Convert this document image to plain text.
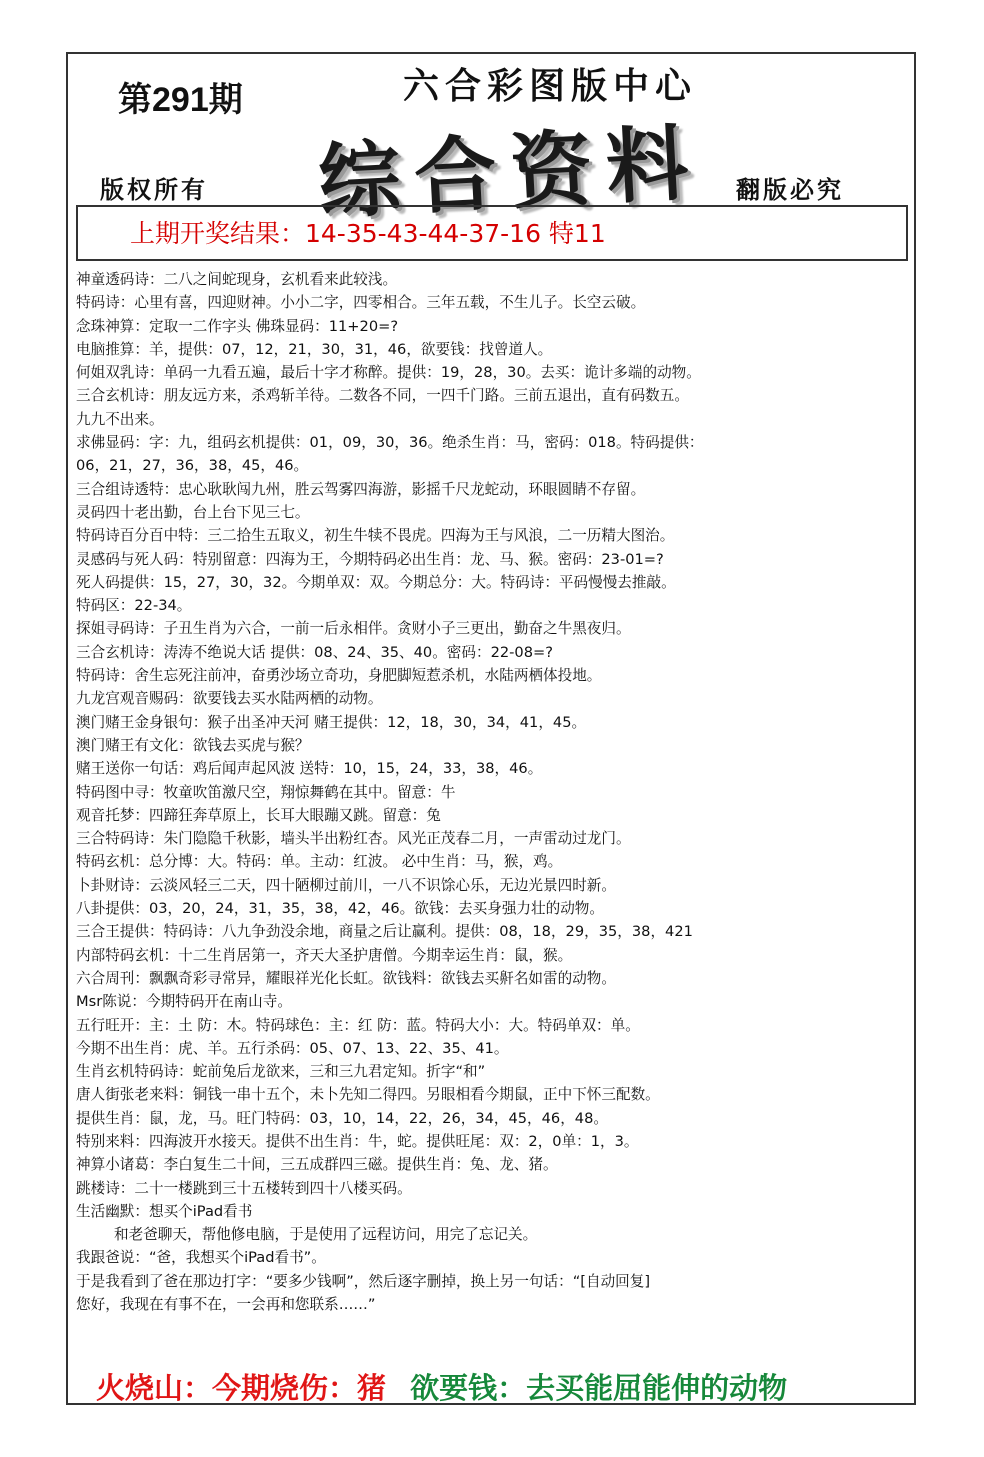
第291期	六合彩图版中心
综合资料
版权所有	翻版必究
上期开奖结果：14-35-43-44-37-16 特11
神童透码诗：二八之间蛇现身，玄机看来此较浅。
特码诗：心里有喜，四迎财神。小小二字，四零相合。三年五载，不生儿子。长空云破。
念珠神算：定取一二作字头 佛珠显码：11+20=?
电脑推算：羊，提供：07，12，21，30，31，46，欲要钱：找曾道人。
何姐双乳诗：单码一九看五遍，最后十字才称醉。提供：19，28，30。去买：诡计多端的动物。
三合玄机诗：朋友远方来，杀鸡斩羊待。二数各不同，一四千门路。三前五退出，直有码数五。
九九不出来。
求佛显码：字：九，组码玄机提供：01，09，30，36。绝杀生肖：马，密码：018。特码提供：
06，21，27，36，38，45，46。
三合组诗透特：忠心耿耿闯九州，胜云驾雾四海游，影摇千尺龙蛇动，环眼圆睛不存留。
灵码四十老出勤，台上台下见三七。
特码诗百分百中特：三二拾生五取义，初生牛犊不畏虎。四海为王与风浪，二一历精大图治。
灵感码与死人码：特别留意：四海为王，今期特码必出生肖：龙、马、猴。密码：23-01=?
死人码提供：15，27，30，32。今期单双：双。今期总分：大。特码诗：平码慢慢去推敲。
特码区：22-34。
探姐寻码诗：子丑生肖为六合，一前一后永相伴。贪财小子三更出，勤奋之牛黑夜归。
三合玄机诗：涛涛不绝说大话 提供：08、24、35、40。密码：22-08=?
特码诗：舍生忘死注前冲，奋勇沙场立奇功，身肥脚短惹杀机，水陆两栖体投地。
九龙宫观音赐码：欲要钱去买水陆两栖的动物。
澳门赌王金身银句：猴子出圣冲天河 赌王提供：12，18，30，34，41，45。
澳门赌王有文化：欲钱去买虎与猴？
赌王送你一句话：鸡后闻声起风波 送特：10，15，24，33，38，46。
特码图中寻：牧童吹笛激尺空，翔惊舞鹤在其中。留意：牛
观音托梦：四蹄狂奔草原上，长耳大眼蹦又跳。留意：兔
三合特码诗：朱门隐隐千秋影，墙头半出粉红杏。风光正茂春二月，一声雷动过龙门。
特码玄机：总分博：大。特码：单。主动：红波。 必中生肖：马，猴，鸡。
卜卦财诗：云淡风轻三二天，四十陋柳过前川，一八不识馀心乐，无边光景四时新。
八卦提供：03，20，24，31，35，38，42，46。欲钱：去买身强力壮的动物。
三合王提供：特码诗：八九争劲没余地，商量之后让赢利。提供：08，18，29，35，38，421
内部特码玄机：十二生肖居第一，齐天大圣护唐僧。今期幸运生肖：鼠，猴。
六合周刊：飘飘奇彩寻常异，耀眼祥光化长虹。欲钱料：欲钱去买鼾名如雷的动物。
Msr陈说：今期特码开在南山寺。
五行旺开：主：土 防：木。特码球色：主：红 防：蓝。特码大小：大。特码单双：单。
今期不出生肖：虎、羊。五行杀码：05、07、13、22、35、41。
生肖玄机特码诗：蛇前兔后龙欲来，三和三九君定知。折字“和”
唐人街张老来料：铜钱一串十五个，未卜先知二得四。另眼相看今期鼠，正中下怀三配数。
提供生肖：鼠，龙，马。旺门特码：03，10，14，22，26，34，45，46，48。
特别来料：四海波开水接天。提供不出生肖：牛，蛇。提供旺尾：双：2，0单：1，3。
神算小诸葛：李白复生二十间，三五成群四三磁。提供生肖：兔、龙、猪。
跳楼诗：二十一楼跳到三十五楼转到四十八楼买码。
生活幽默：想买个iPad看书
和老爸聊天，帮他修电脑，于是使用了远程访问，用完了忘记关。
我跟爸说：“爸，我想买个iPad看书”。
于是我看到了爸在那边打字：“要多少钱啊”，然后逐字删掉，换上另一句话：“[自动回复]
您好，我现在有事不在，一会再和您联系……”
火烧山：今期烧伤：猪 欲要钱：去买能屈能伸的动物
